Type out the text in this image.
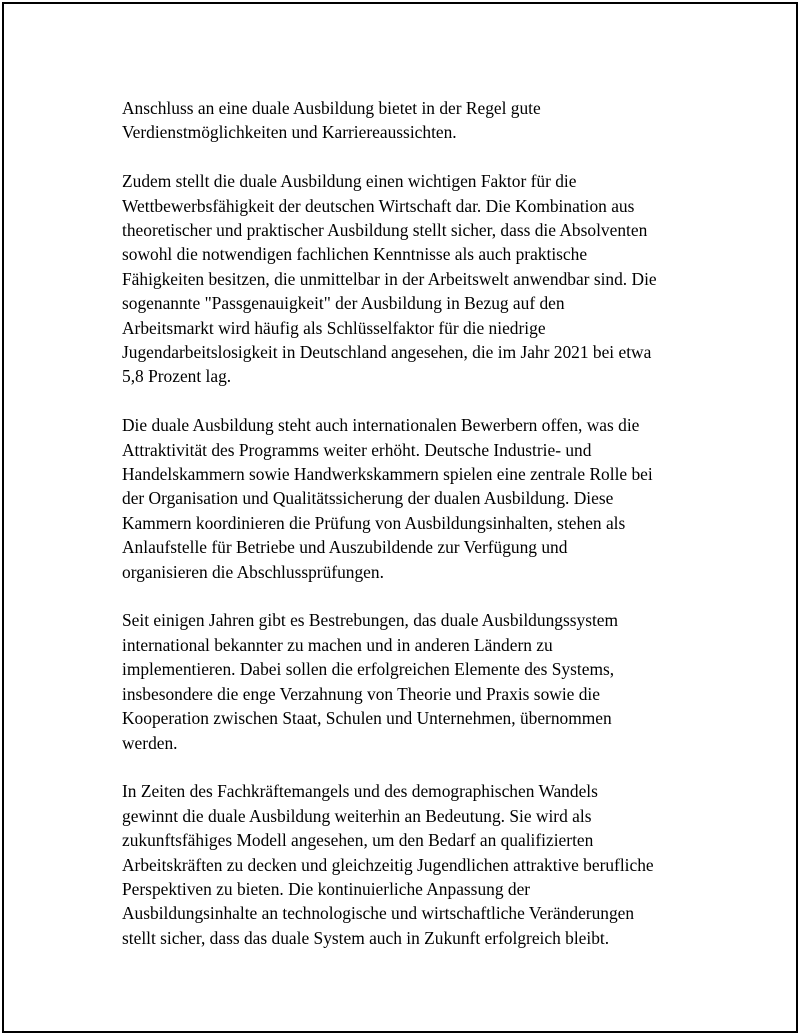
Anschluss an eine duale Ausbildung bietet in der Regel gute
Verdienstmöglichkeiten und Karriereaussichten.

Zudem stellt die duale Ausbildung einen wichtigen Faktor für die
Wettbewerbsfähigkeit der deutschen Wirtschaft dar. Die Kombination aus
theoretischer und praktischer Ausbildung stellt sicher, dass die Absolventen
sowohl die notwendigen fachlichen Kenntnisse als auch praktische
Fähigkeiten besitzen, die unmittelbar in der Arbeitswelt anwendbar sind. Die
sogenannte "Passgenauigkeit" der Ausbildung in Bezug auf den
Arbeitsmarkt wird häufig als Schlüsselfaktor für die niedrige
Jugendarbeitslosigkeit in Deutschland angesehen, die im Jahr 2021 bei etwa
5,8 Prozent lag.

Die duale Ausbildung steht auch internationalen Bewerbern offen, was die
Attraktivität des Programms weiter erhöht. Deutsche Industrie- und
Handelskammern sowie Handwerkskammern spielen eine zentrale Rolle bei
der Organisation und Qualitätssicherung der dualen Ausbildung. Diese
Kammern koordinieren die Prüfung von Ausbildungsinhalten, stehen als
Anlaufstelle für Betriebe und Auszubildende zur Verfügung und
organisieren die Abschlussprüfungen.

Seit einigen Jahren gibt es Bestrebungen, das duale Ausbildungssystem
international bekannter zu machen und in anderen Ländern zu
implementieren. Dabei sollen die erfolgreichen Elemente des Systems,
insbesondere die enge Verzahnung von Theorie und Praxis sowie die
Kooperation zwischen Staat, Schulen und Unternehmen, übernommen
werden.

In Zeiten des Fachkräftemangels und des demographischen Wandels
gewinnt die duale Ausbildung weiterhin an Bedeutung. Sie wird als
zukunftsfähiges Modell angesehen, um den Bedarf an qualifizierten
Arbeitskräften zu decken und gleichzeitig Jugendlichen attraktive berufliche
Perspektiven zu bieten. Die kontinuierliche Anpassung der
Ausbildungsinhalte an technologische und wirtschaftliche Veränderungen
stellt sicher, dass das duale System auch in Zukunft erfolgreich bleibt.
